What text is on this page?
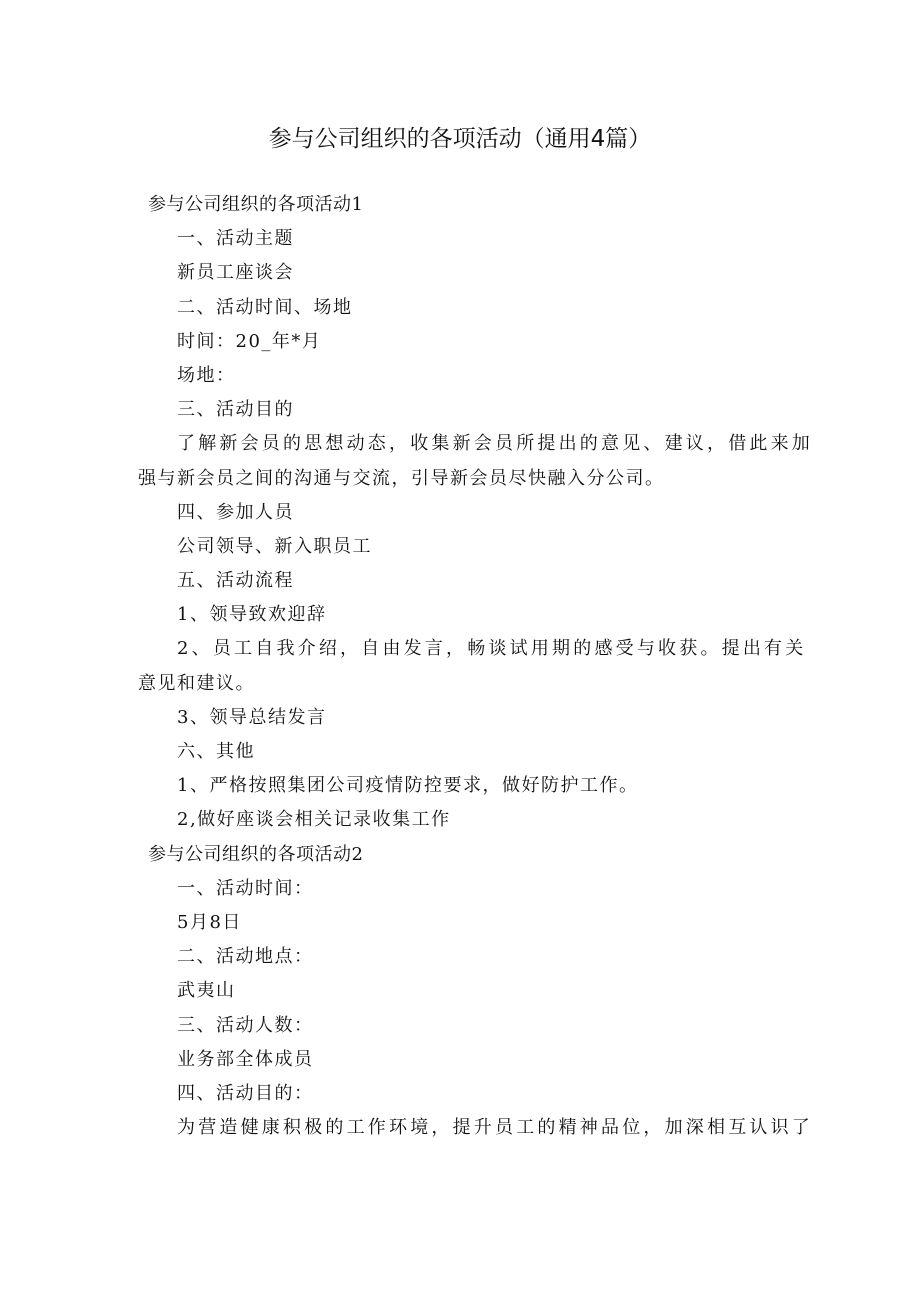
参与公司组织的各项活动（通用4篇）

参与公司组织的各项活动1

一、活动主题

新员工座谈会

二、活动时间、场地

时间：20_年*月

场地：

三、活动目的

了解新会员的思想动态，收集新会员所提出的意见、建议，借此来加

强与新会员之间的沟通与交流，引导新会员尽快融入分公司。

四、参加人员

公司领导、新入职员工

五、活动流程

1、领导致欢迎辞

2、员工自我介绍，自由发言，畅谈试用期的感受与收获。提出有关

意见和建议。

3、领导总结发言

六、其他

1、严格按照集团公司疫情防控要求，做好防护工作。

2,做好座谈会相关记录收集工作

参与公司组织的各项活动2

一、活动时间：

5月8日

二、活动地点：

武夷山

三、活动人数：

业务部全体成员

四、活动目的：

为营造健康积极的工作环境，提升员工的精神品位，加深相互认识了
